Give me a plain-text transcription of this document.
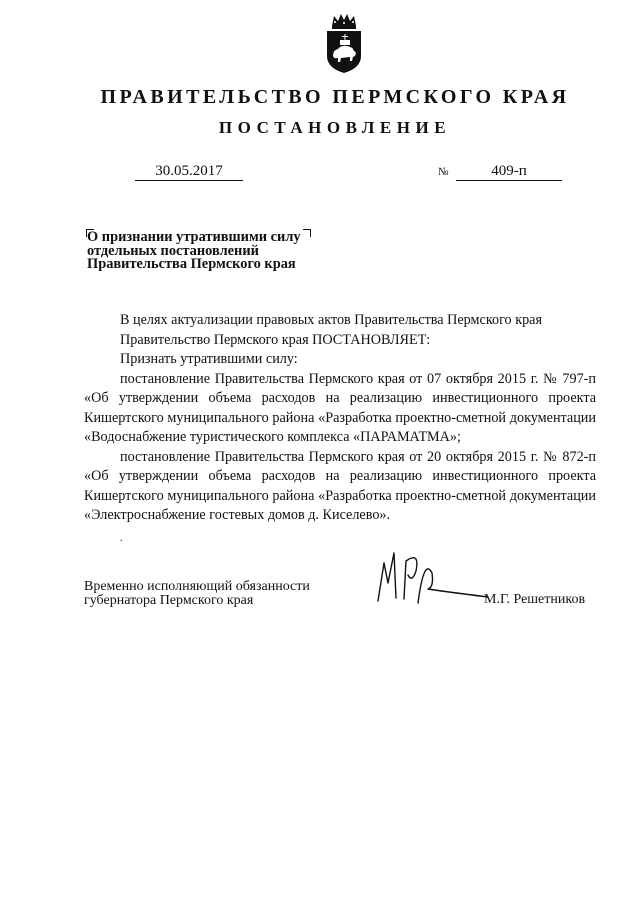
ПРАВИТЕЛЬСТВО ПЕРМСКОГО КРАЯ
ПОСТАНОВЛЕНИЕ
30.05.2017	№	409-п
О признании утратившими силу
отдельных постановлений
Правительства Пермского края

В целях актуализации правовых актов Правительства Пермского края

Правительство Пермского края ПОСТАНОВЛЯЕТ:

Признать утратившими силу:

постановление Правительства Пермского края от 07 октября 2015 г. № 797-п «Об утверждении объема расходов на реализацию инвестиционного проекта Кишертского муниципального района «Разработка проектно-сметной документации «Водоснабжение туристического комплекса «ПАРАМАТМА»;

постановление Правительства Пермского края от 20 октября 2015 г. № 872-п «Об утверждении объема расходов на реализацию инвестиционного проекта Кишертского муниципального района «Разработка проектно-сметной документации «Электроснабжение гостевых домов д. Киселево».

.
Временно исполняющий обязанности
губернатора Пермского края	М.Г. Решетников
